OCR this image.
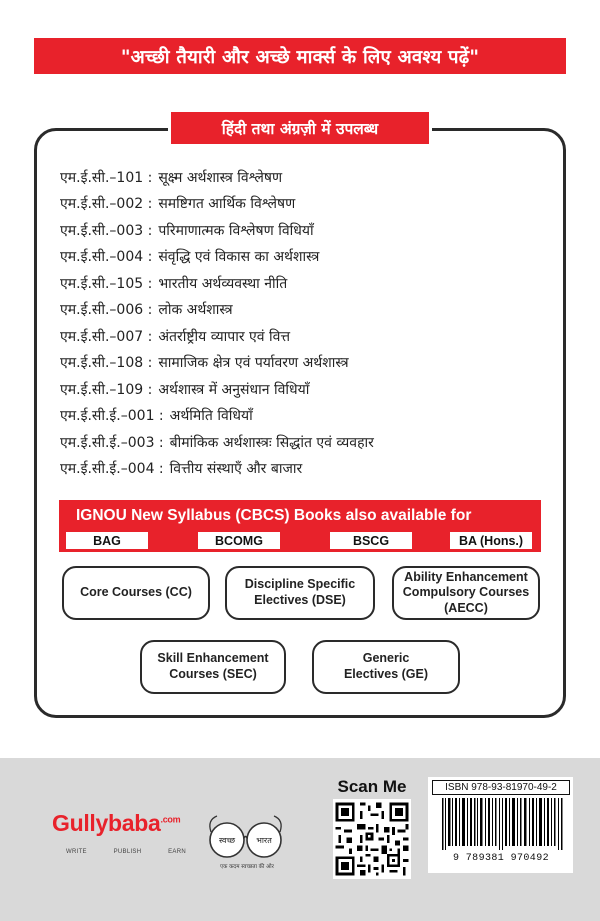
"अच्छी तैयारी और अच्छे मार्क्स के लिए अवश्य पढ़ें"
हिंदी तथा अंग्रज़ी में उपलब्ध
एम.ई.सी.–101 : सूक्ष्म अर्थशास्त्र विश्लेषण
एम.ई.सी.–002 : समष्टिगत आर्थिक विश्लेषण
एम.ई.सी.–003 : परिमाणात्मक विश्लेषण विधियाँ
एम.ई.सी.–004 : संवृद्धि एवं विकास का अर्थशास्त्र
एम.ई.सी.–105 : भारतीय अर्थव्यवस्था नीति
एम.ई.सी.–006 : लोक अर्थशास्त्र
एम.ई.सी.–007 : अंतर्राष्ट्रीय व्यापार एवं वित्त
एम.ई.सी.–108 : सामाजिक क्षेत्र एवं पर्यावरण अर्थशास्त्र
एम.ई.सी.–109 : अर्थशास्त्र में अनुसंधान विधियाँ
एम.ई.सी.ई.–001 : अर्थमिति विधियाँ
एम.ई.सी.ई.–003 : बीमांकिक अर्थशास्त्रः सिद्धांत एवं व्यवहार
एम.ई.सी.ई.–004 : वित्तीय संस्थाएँ और बाजार
IGNOU New Syllabus (CBCS) Books also available for
BAG	BCOMG	BSCG	BA (Hons.)
Core Courses (CC)
Discipline Specific Electives (DSE)
Ability Enhancement Compulsory Courses (AECC)
Skill Enhancement Courses (SEC)
Generic Electives (GE)
Gullybaba$^{.com}$
WRITE	PUBLISH	EARN
स्वच्छ	भारत
एक कदम स्वच्छता की ओर
Scan Me	ISBN 978-93-81970-49-2
9 789381 970492
